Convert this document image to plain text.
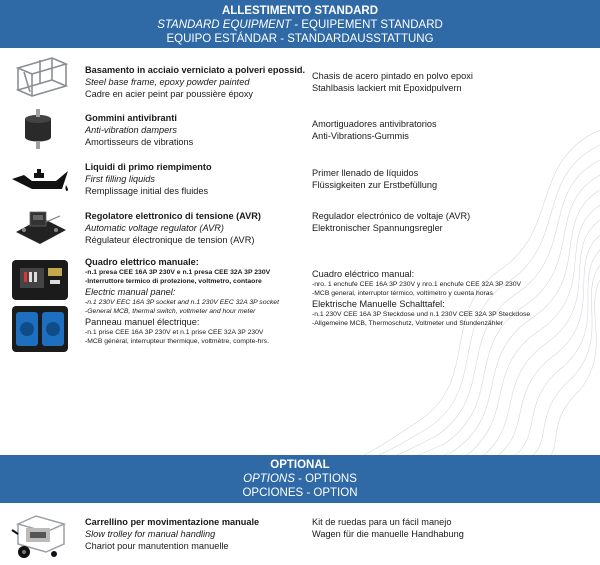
ALLESTIMENTO STANDARD
STANDARD EQUIPMENT - EQUIPEMENT STANDARD
EQUIPO ESTÁNDAR - STANDARDAUSSTATTUNG
Basamento in acciaio verniciato a polveri epossid.
Steel base frame, epoxy powder painted
Cadre en acier peint par poussière époxy
Chasis de acero pintado en polvo epoxi
Stahlbasis lackiert mit Epoxidpulvern
Gommini antivibranti
Anti-vibration dampers
Amortisseurs de vibrations
Amortiguadores antivibratorios
Anti-Vibrations-Gummis
Liquidi di primo riempimento
First filling liquids
Remplissage initial des fluides
Primer llenado de líquidos
Flüssigkeiten zur Erstbefüllung
Regolatore elettronico di tensione (AVR)
Automatic voltage regulator (AVR)
Régulateur électronique de tension (AVR)
Regulador electrónico de voltaje (AVR)
Elektronischer Spannungsregler
Quadro elettrico manuale:
-n.1 presa CEE 16A 3P 230V e n.1 presa CEE 32A 3P 230V
-Interruttore termico di protezione, voltmetro, contaore
Electric manual panel:
-n.1 230V EEC 16A 3P socket and n.1 230V EEC 32A 3P socket
-General MCB, thermal switch, voltmeter and hour meter
Panneau manuel électrique:
-n.1 prise CEE 16A 3P 230V et n.1 prise CEE 32A 3P 230V
-MCB général, interrupteur thermique, voltmètre, compte-hrs.
Cuadro eléctrico manual:
-nro. 1 enchufe CEE 16A 3P 230V y nro.1 enchufe CEE 32A 3P 230V
-MCB general, interruptor térmico, voltímetro y cuenta horas
Elektrische Manuelle Schalttafel:
-n.1 230V CEE 16A 3P Steckdose und n.1 230V CEE 32A 3P Steckdose
-Allgemeine MCB, Thermoschutz, Voltmeter und Stundenzähler
OPTIONAL
OPTIONS - OPTIONS
OPCIONES - OPTION
Carrellino per movimentazione manuale
Slow trolley for manual handling
Chariot pour manutention manuelle
Kit de ruedas para un fácil manejo
Wagen für die manuelle Handhabung
